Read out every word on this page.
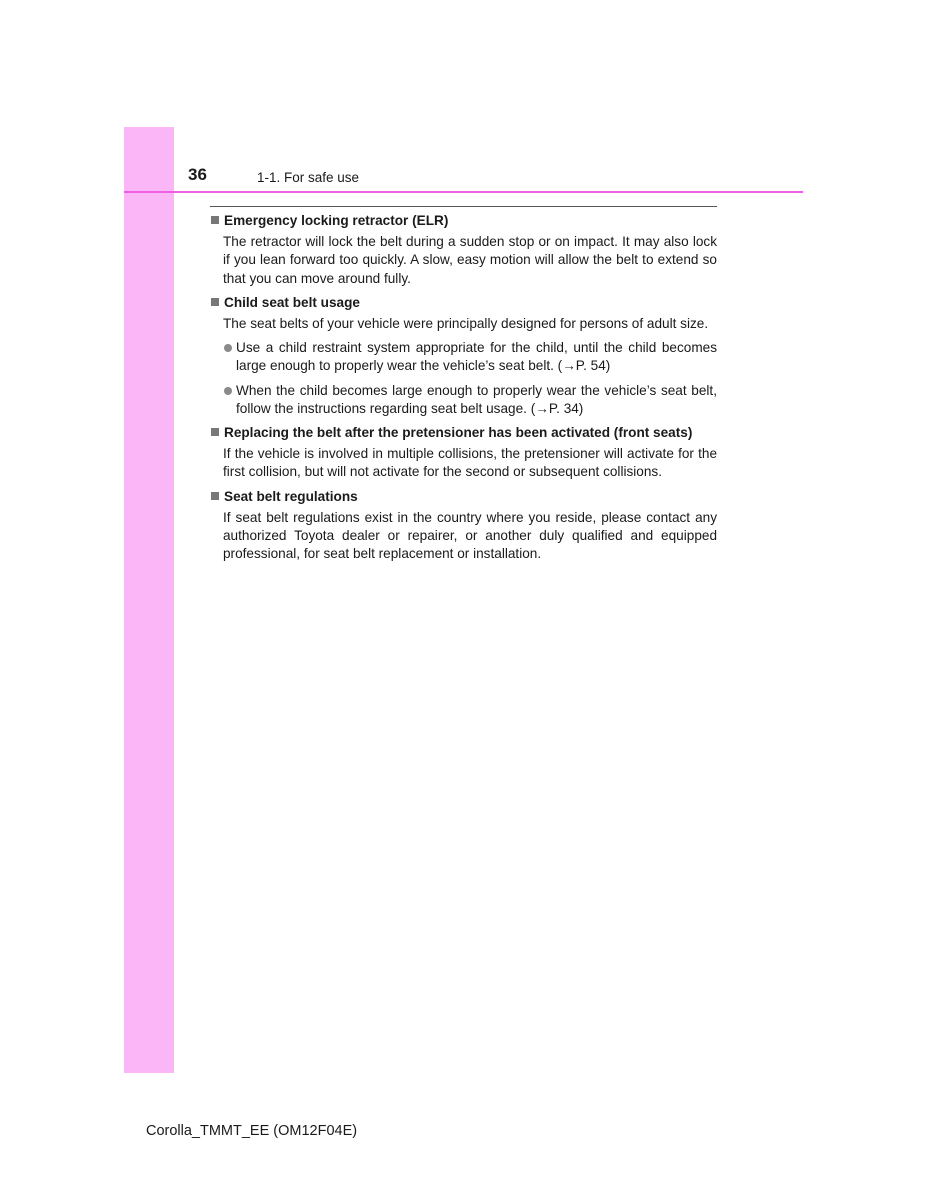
36	1-1. For safe use
Emergency locking retractor (ELR)
The retractor will lock the belt during a sudden stop or on impact. It may also lock if you lean forward too quickly. A slow, easy motion will allow the belt to extend so that you can move around fully.
Child seat belt usage
The seat belts of your vehicle were principally designed for persons of adult size.
Use a child restraint system appropriate for the child, until the child becomes large enough to properly wear the vehicle’s seat belt. (→P. 54)
When the child becomes large enough to properly wear the vehicle’s seat belt, follow the instructions regarding seat belt usage. (→P. 34)
Replacing the belt after the pretensioner has been activated (front seats)
If the vehicle is involved in multiple collisions, the pretensioner will activate for the first collision, but will not activate for the second or subsequent collisions.
Seat belt regulations
If seat belt regulations exist in the country where you reside, please contact any authorized Toyota dealer or repairer, or another duly qualified and equipped professional, for seat belt replacement or installation.
Corolla_TMMT_EE (OM12F04E)
